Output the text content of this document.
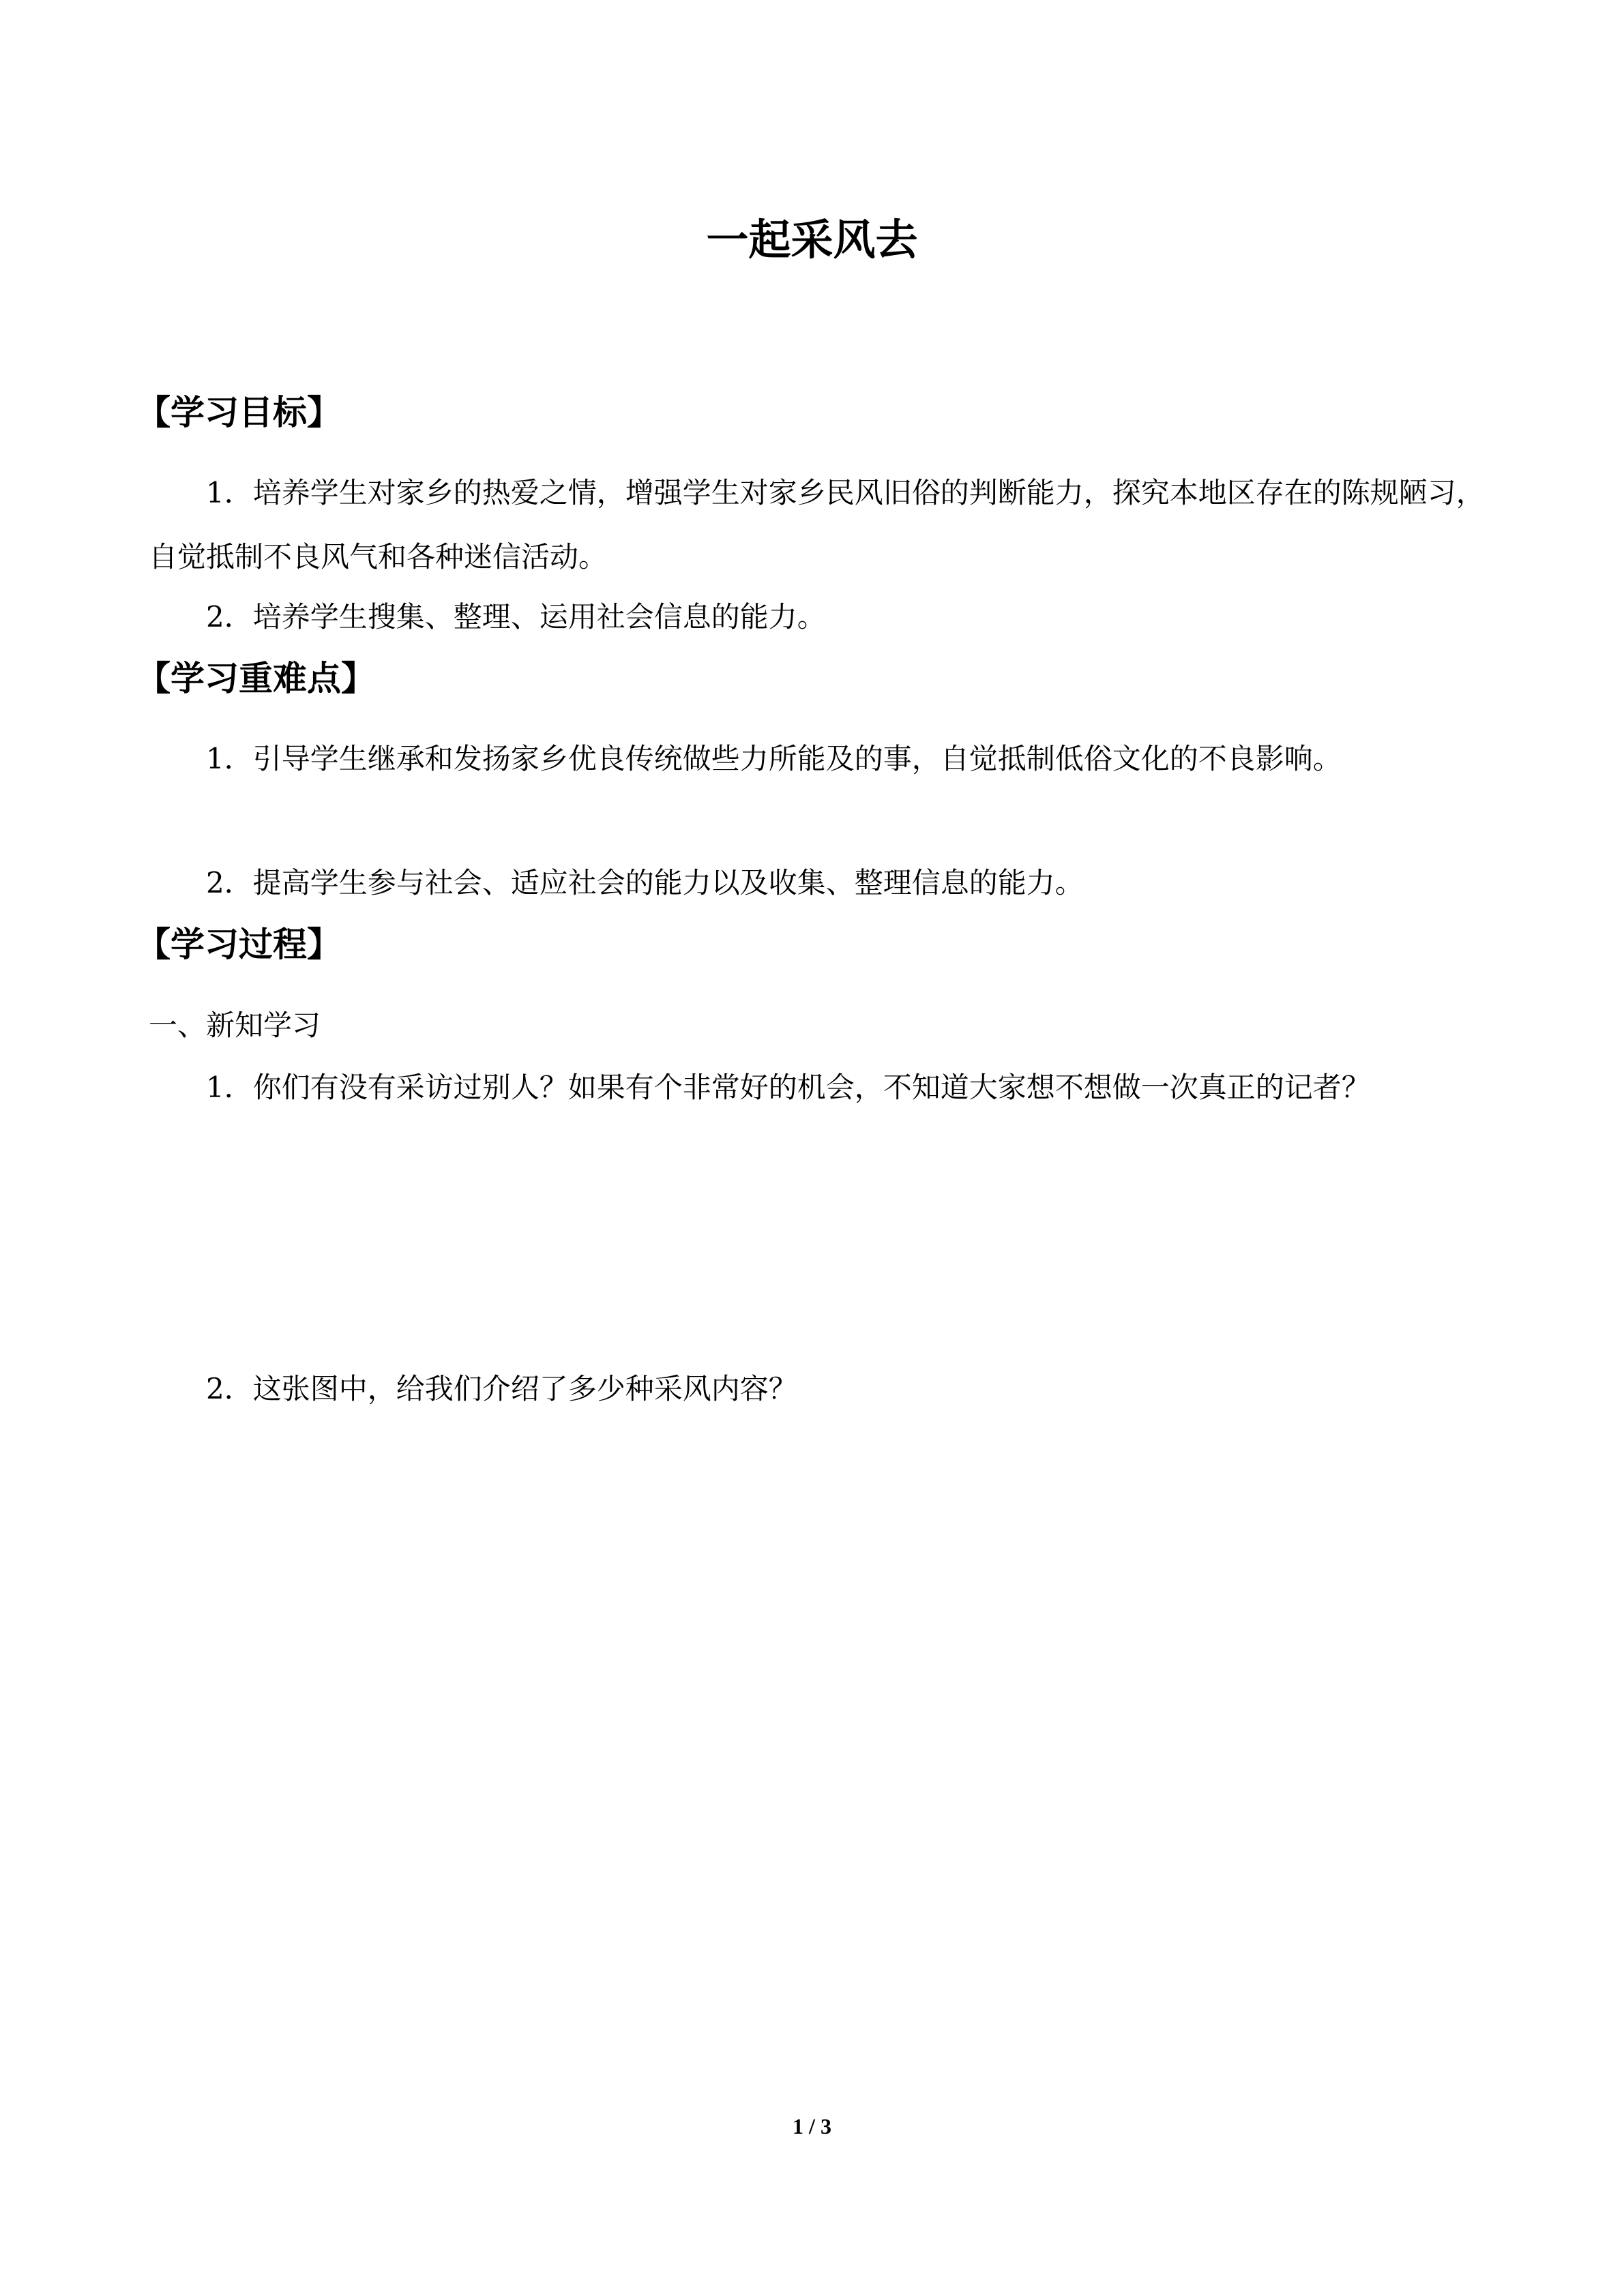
一起采风去
【学习目标】
1．培养学生对家乡的热爱之情，增强学生对家乡民风旧俗的判断能力，探究本地区存在的陈规陋习，自觉抵制不良风气和各种迷信活动。
2．培养学生搜集、整理、运用社会信息的能力。
【学习重难点】
1．引导学生继承和发扬家乡优良传统做些力所能及的事，自觉抵制低俗文化的不良影响。
2．提高学生参与社会、适应社会的能力以及收集、整理信息的能力。
【学习过程】
一、新知学习
1．你们有没有采访过别人？如果有个非常好的机会，不知道大家想不想做一次真正的记者？
2．这张图中，给我们介绍了多少种采风内容？
1 / 3
